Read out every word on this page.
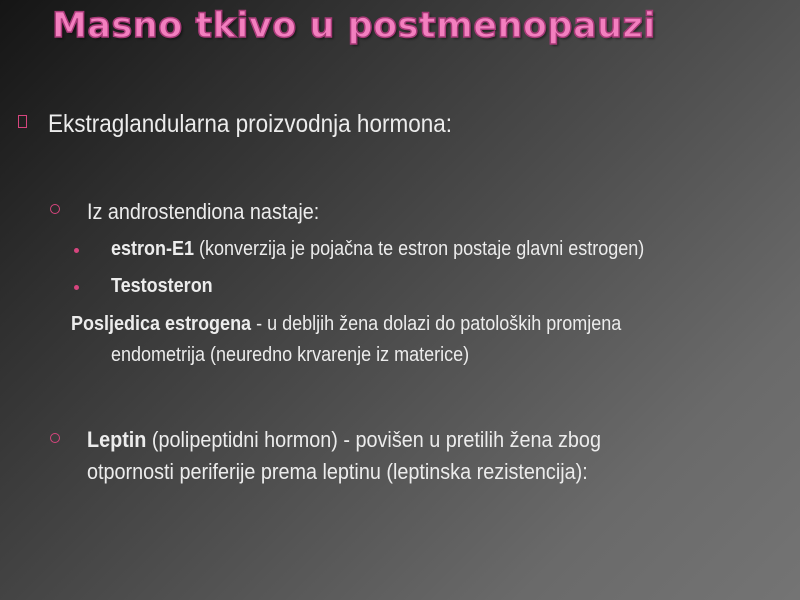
Masno tkivo u postmenopauzi
Ekstraglandularna proizvodnja hormona:
Iz androstendiona nastaje:
estron-E1 (konverzija je pojačna te estron postaje glavni estrogen)
Testosteron
Posljedica estrogena - u debljih žena dolazi do patoloških promjena
endometrija (neuredno krvarenje iz materice)
Leptin (polipeptidni hormon) - povišen u pretilih žena zbog
otpornosti periferije prema leptinu (leptinska rezistencija):
